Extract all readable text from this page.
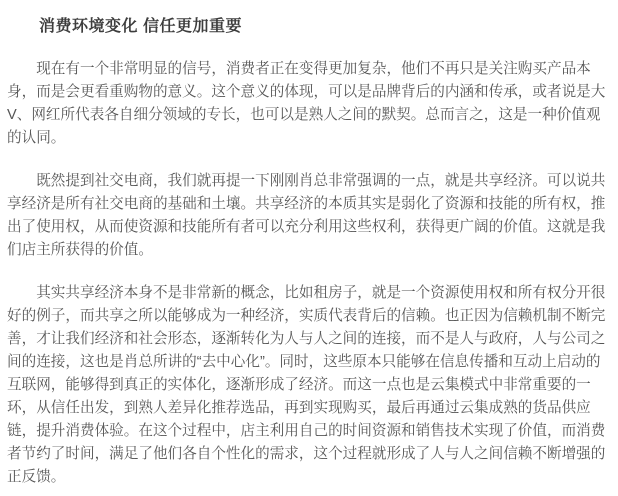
消费环境变化 信任更加重要

现在有一个非常明显的信号，消费者正在变得更加复杂，他们不再只是关注购买产品本身，而是会更看重购物的意义。这个意义的体现，可以是品牌背后的内涵和传承，或者说是大V、网红所代表各自细分领域的专长，也可以是熟人之间的默契。总而言之，这是一种价值观的认同。

既然提到社交电商，我们就再提一下刚刚肖总非常强调的一点，就是共享经济。可以说共享经济是所有社交电商的基础和土壤。共享经济的本质其实是弱化了资源和技能的所有权，推出了使用权，从而使资源和技能所有者可以充分利用这些权利，获得更广阔的价值。这就是我们店主所获得的价值。

其实共享经济本身不是非常新的概念，比如租房子，就是一个资源使用权和所有权分开很好的例子，而共享之所以能够成为一种经济，实质代表背后的信赖。也正因为信赖机制不断完善，才让我们经济和社会形态，逐渐转化为人与人之间的连接，而不是人与政府，人与公司之间的连接，这也是肖总所讲的“去中心化”。同时，这些原本只能够在信息传播和互动上启动的互联网，能够得到真正的实体化，逐渐形成了经济。而这一点也是云集模式中非常重要的一环，从信任出发，到熟人差异化推荐选品，再到实现购买，最后再通过云集成熟的货品供应链，提升消费体验。在这个过程中，店主利用自己的时间资源和销售技术实现了价值，而消费者节约了时间，满足了他们各自个性化的需求，这个过程就形成了人与人之间信赖不断增强的正反馈。
